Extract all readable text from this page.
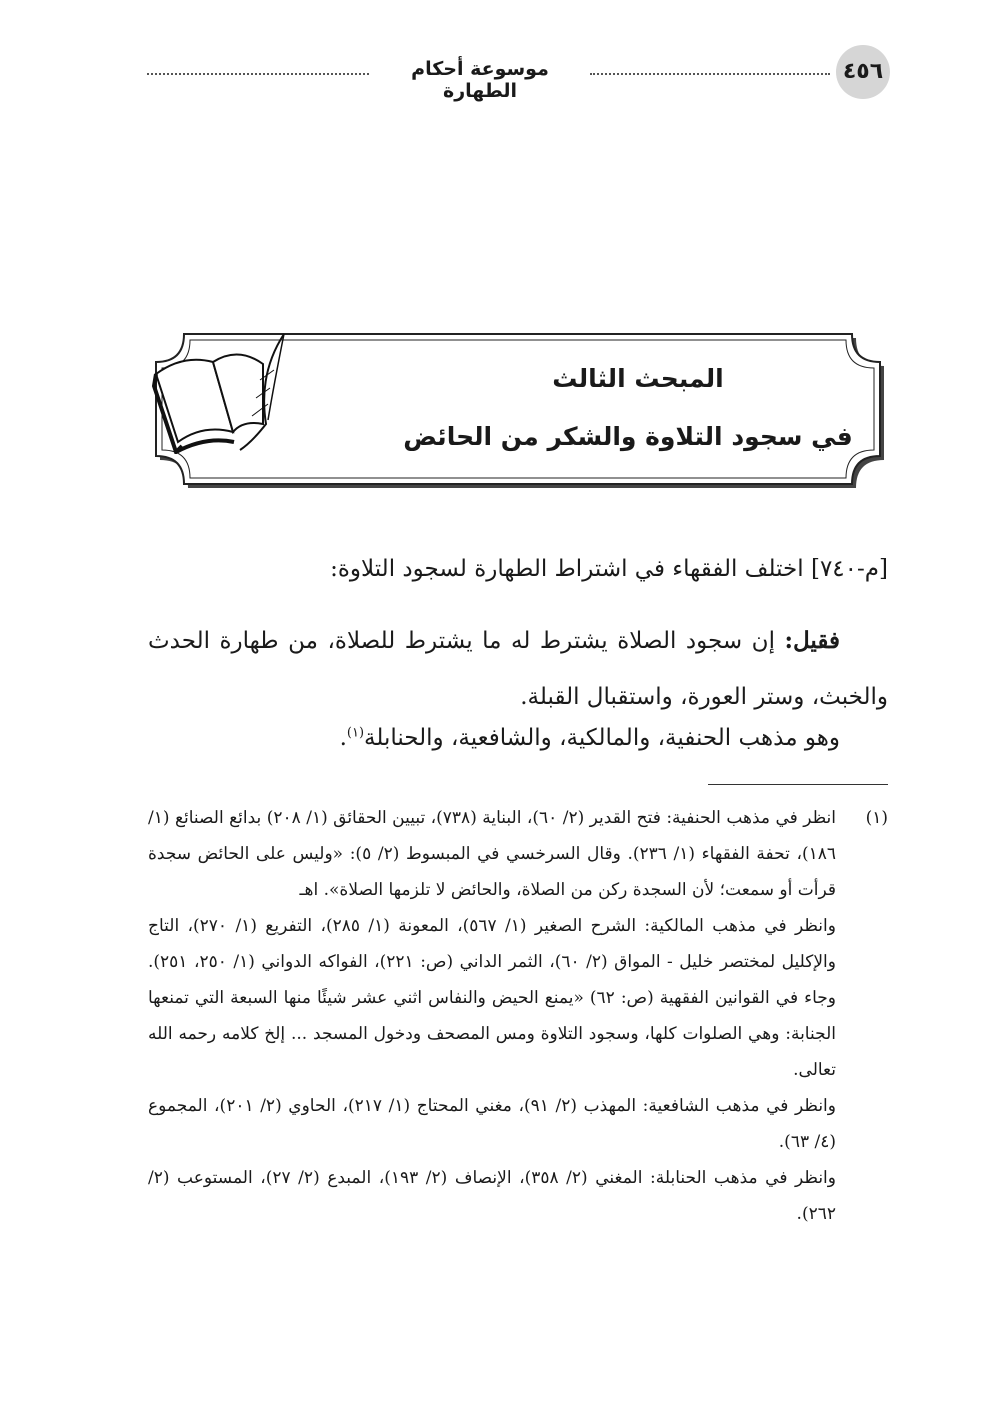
٤٥٦
موسوعة أحكام الطهارة
المبحث الثالث
في سجود التلاوة والشكر من الحائض
[م-٧٤٠] اختلف الفقهاء في اشتراط الطهارة لسجود التلاوة:
فقيل: إن سجود الصلاة يشترط له ما يشترط للصلاة، من طهارة الحدث والخبث، وستر العورة، واستقبال القبلة.
وهو مذهب الحنفية، والمالكية، والشافعية، والحنابلة$^{(١)}$.
(١)

انظر في مذهب الحنفية: فتح القدير (٢/ ٦٠)، البناية (٧٣٨)، تبيين الحقائق (١/ ٢٠٨) بدائع الصنائع (١/ ١٨٦)، تحفة الفقهاء (١/ ٢٣٦). وقال السرخسي في المبسوط (٢/ ٥): «وليس على الحائض سجدة قرأت أو سمعت؛ لأن السجدة ركن من الصلاة، والحائض لا تلزمها الصلاة». اهـ

وانظر في مذهب المالكية: الشرح الصغير (١/ ٥٦٧)، المعونة (١/ ٢٨٥)، التفريع (١/ ٢٧٠)، التاج والإكليل لمختصر خليل - المواق (٢/ ٦٠)، الثمر الداني (ص: ٢٢١)، الفواكه الدواني (١/ ٢٥٠، ٢٥١). وجاء في القوانين الفقهية (ص: ٦٢) «يمنع الحيض والنفاس اثني عشر شيئًا منها السبعة التي تمنعها الجنابة: وهي الصلوات كلها، وسجود التلاوة ومس المصحف ودخول المسجد ... إلخ كلامه رحمه الله تعالى.

وانظر في مذهب الشافعية: المهذب (٢/ ٩١)، مغني المحتاج (١/ ٢١٧)، الحاوي (٢/ ٢٠١)، المجموع (٤/ ٦٣).

وانظر في مذهب الحنابلة: المغني (٢/ ٣٥٨)، الإنصاف (٢/ ١٩٣)، المبدع (٢/ ٢٧)، المستوعب (٢/ ٢٦٢).
